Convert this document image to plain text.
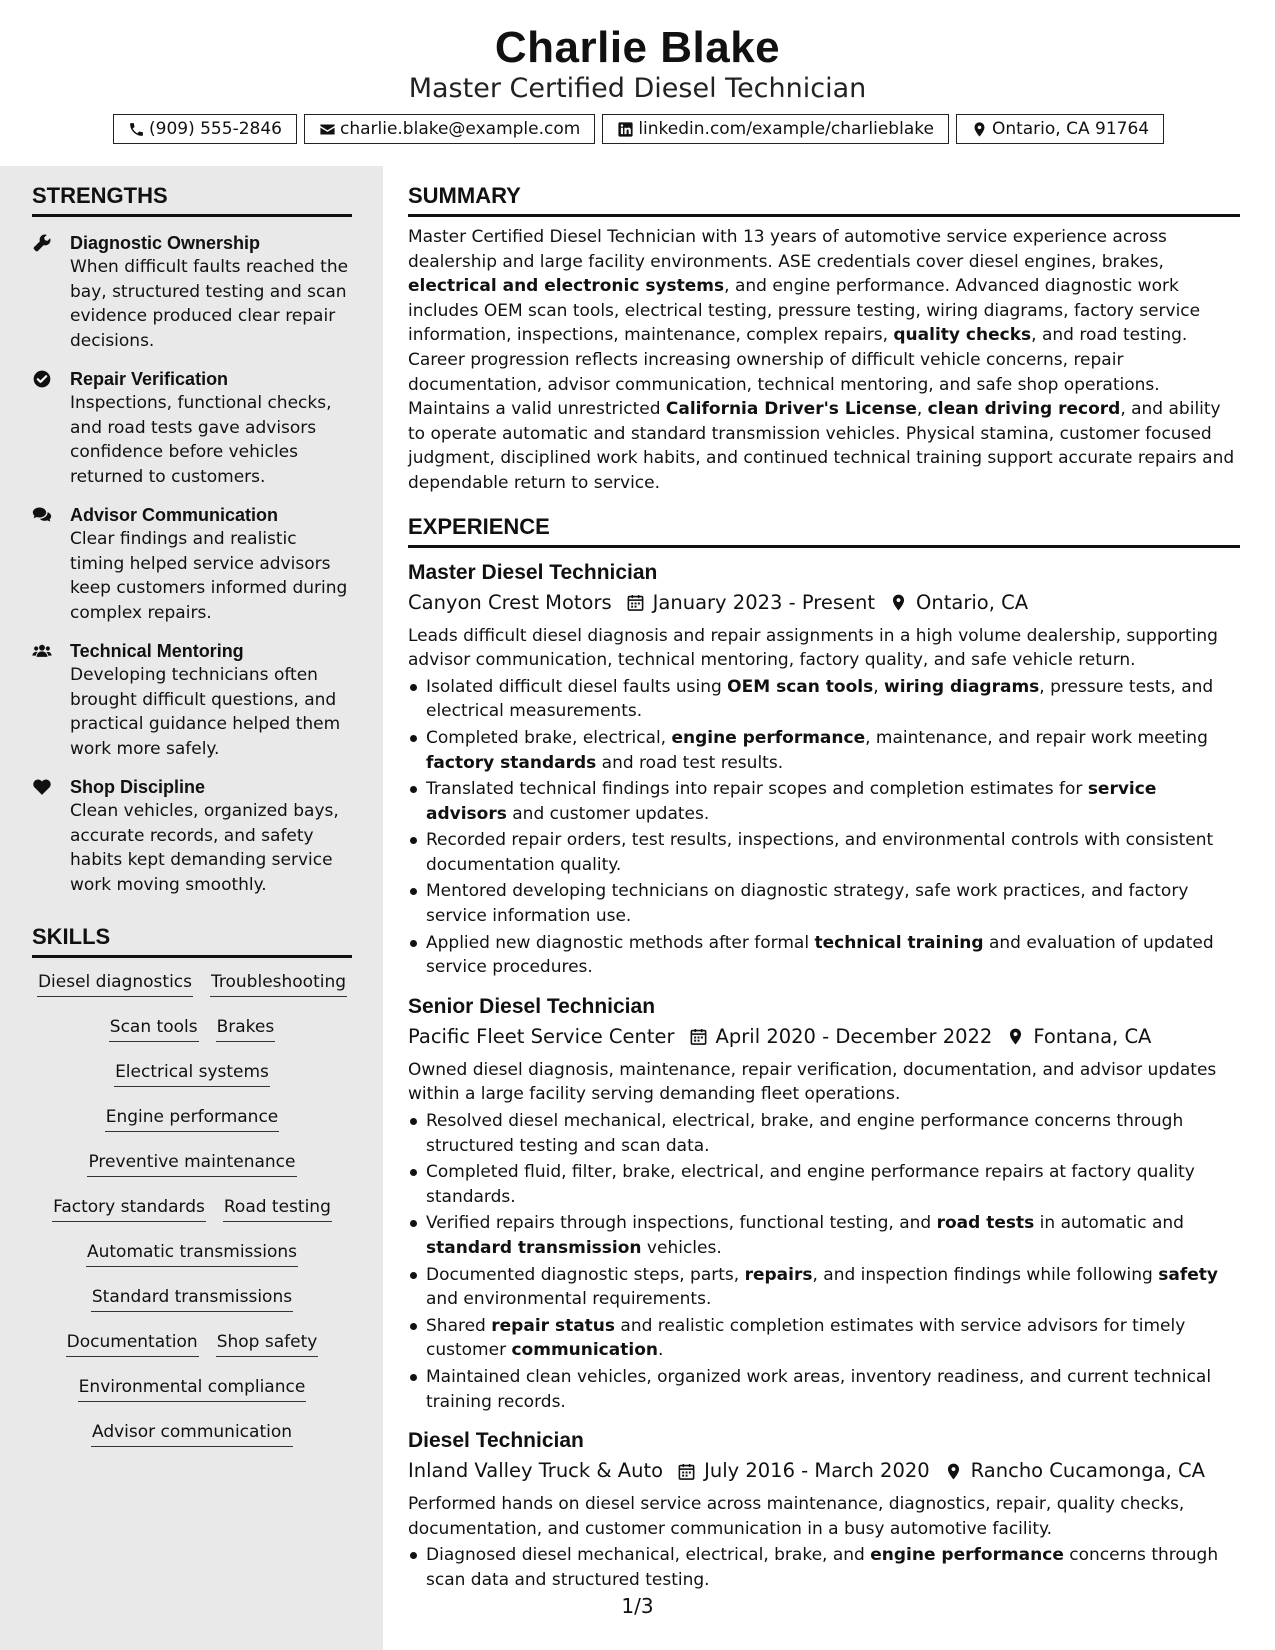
Charlie Blake
Master Certified Diesel Technician
(909) 555-2846	charlie.blake@example.com	linkedin.com/example/charlieblake	Ontario, CA 91764
STRENGTHS
Diagnostic Ownership
When difficult faults reached the bay, structured testing and scan evidence produced clear repair decisions.
Repair Verification
Inspections, functional checks, and road tests gave advisors confidence before vehicles returned to customers.
Advisor Communication
Clear findings and realistic timing helped service advisors keep customers informed during complex repairs.
Technical Mentoring
Developing technicians often brought difficult questions, and practical guidance helped them work more safely.
Shop Discipline
Clean vehicles, organized bays, accurate records, and safety habits kept demanding service work moving smoothly.
SKILLS
Diesel diagnostics Troubleshooting
Scan tools Brakes
Electrical systems
Engine performance
Preventive maintenance
Factory standards Road testing
Automatic transmissions
Standard transmissions
Documentation Shop safety
Environmental compliance
Advisor communication
SUMMARY
Master Certified Diesel Technician with 13 years of automotive service experience across dealership and large facility environments. ASE credentials cover diesel engines, brakes, electrical and electronic systems, and engine performance. Advanced diagnostic work includes OEM scan tools, electrical testing, pressure testing, wiring diagrams, factory service information, inspections, maintenance, complex repairs, quality checks, and road testing. Career progression reflects increasing ownership of difficult vehicle concerns, repair documentation, advisor communication, technical mentoring, and safe shop operations. Maintains a valid unrestricted California Driver's License, clean driving record, and ability to operate automatic and standard transmission vehicles. Physical stamina, customer focused judgment, disciplined work habits, and continued technical training support accurate repairs and dependable return to service.
EXPERIENCE
Master Diesel Technician
Canyon Crest Motors January 2023 - Present Ontario, CA
Leads difficult diesel diagnosis and repair assignments in a high volume dealership, supporting advisor communication, technical mentoring, factory quality, and safe vehicle return.
Isolated difficult diesel faults using OEM scan tools, wiring diagrams, pressure tests, and electrical measurements.
Completed brake, electrical, engine performance, maintenance, and repair work meeting factory standards and road test results.
Translated technical findings into repair scopes and completion estimates for service advisors and customer updates.
Recorded repair orders, test results, inspections, and environmental controls with consistent documentation quality.
Mentored developing technicians on diagnostic strategy, safe work practices, and factory service information use.
Applied new diagnostic methods after formal technical training and evaluation of updated service procedures.
Senior Diesel Technician
Pacific Fleet Service Center April 2020 - December 2022 Fontana, CA
Owned diesel diagnosis, maintenance, repair verification, documentation, and advisor updates within a large facility serving demanding fleet operations.
Resolved diesel mechanical, electrical, brake, and engine performance concerns through structured testing and scan data.
Completed fluid, filter, brake, electrical, and engine performance repairs at factory quality standards.
Verified repairs through inspections, functional testing, and road tests in automatic and standard transmission vehicles.
Documented diagnostic steps, parts, repairs, and inspection findings while following safety and environmental requirements.
Shared repair status and realistic completion estimates with service advisors for timely customer communication.
Maintained clean vehicles, organized work areas, inventory readiness, and current technical training records.
Diesel Technician
Inland Valley Truck & Auto July 2016 - March 2020 Rancho Cucamonga, CA
Performed hands on diesel service across maintenance, diagnostics, repair, quality checks, documentation, and customer communication in a busy automotive facility.
Diagnosed diesel mechanical, electrical, brake, and engine performance concerns through scan data and structured testing.
1/3
